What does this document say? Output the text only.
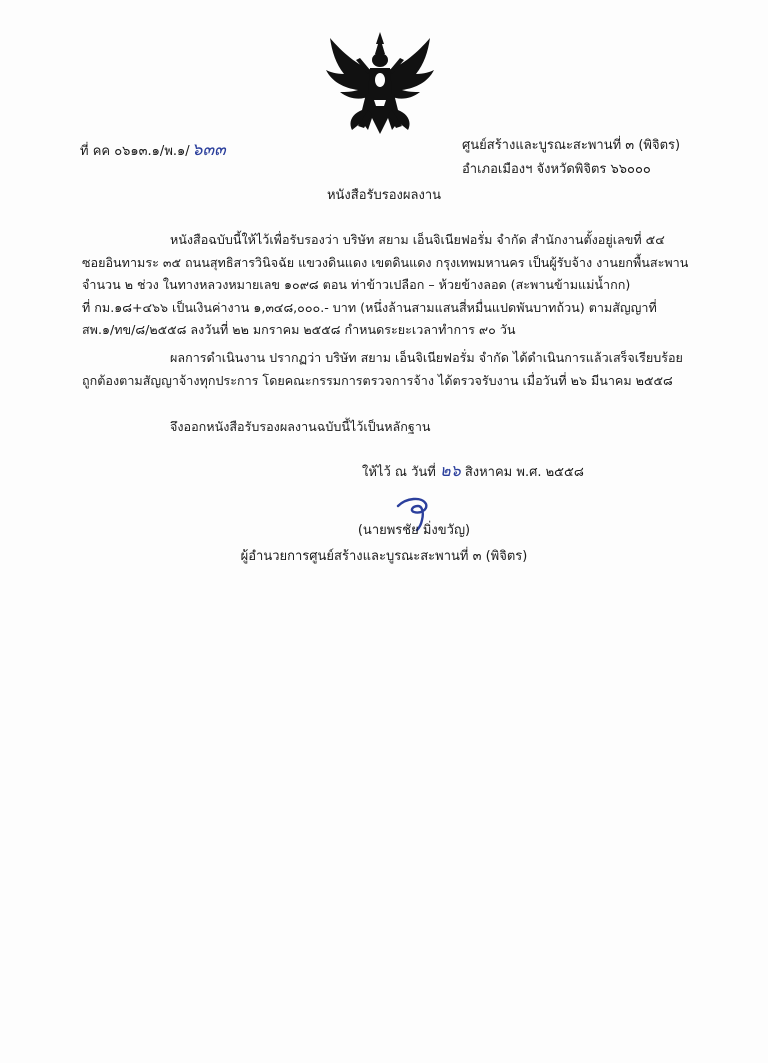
ที่ คค ๐๖๑๓.๑/พ.๑/ ๖๓๓	ศูนย์สร้างและบูรณะสะพานที่ ๓ (พิจิตร)
อำเภอเมืองฯ จังหวัดพิจิตร ๖๖๐๐๐
หนังสือรับรองผลงาน
หนังสือฉบับนี้ให้ไว้เพื่อรับรองว่า บริษัท สยาม เอ็นจิเนียฟอรั่ม จำกัด สำนักงานตั้งอยู่เลขที่ ๕๔
ซอยอินทามระ ๓๕ ถนนสุทธิสารวินิจฉัย แขวงดินแดง เขตดินแดง กรุงเทพมหานคร เป็นผู้รับจ้าง งานยกพื้นสะพาน
จำนวน ๒ ช่วง ในทางหลวงหมายเลข ๑๐๙๘ ตอน ท่าข้าวเปลือก – ห้วยข้างลอด (สะพานข้ามแม่น้ำกก)
ที่ กม.๑๘+๔๖๖ เป็นเงินค่างาน ๑,๓๔๘,๐๐๐.- บาท (หนึ่งล้านสามแสนสี่หมื่นแปดพันบาทถ้วน) ตามสัญญาที่
สพ.๑/ทข/๘/๒๕๕๘ ลงวันที่ ๒๒ มกราคม ๒๕๕๘ กำหนดระยะเวลาทำการ ๙๐ วัน
ผลการดำเนินงาน ปรากฏว่า บริษัท สยาม เอ็นจิเนียฟอรั่ม จำกัด ได้ดำเนินการแล้วเสร็จเรียบร้อย
ถูกต้องตามสัญญาจ้างทุกประการ โดยคณะกรรมการตรวจการจ้าง ได้ตรวจรับงาน เมื่อวันที่ ๒๖ มีนาคม ๒๕๕๘
จึงออกหนังสือรับรองผลงานฉบับนี้ไว้เป็นหลักฐาน
ให้ไว้ ณ วันที่ ๒๖ สิงหาคม พ.ศ. ๒๕๕๘
(นายพรชัย มิ่งขวัญ)
ผู้อำนวยการศูนย์สร้างและบูรณะสะพานที่ ๓ (พิจิตร)
